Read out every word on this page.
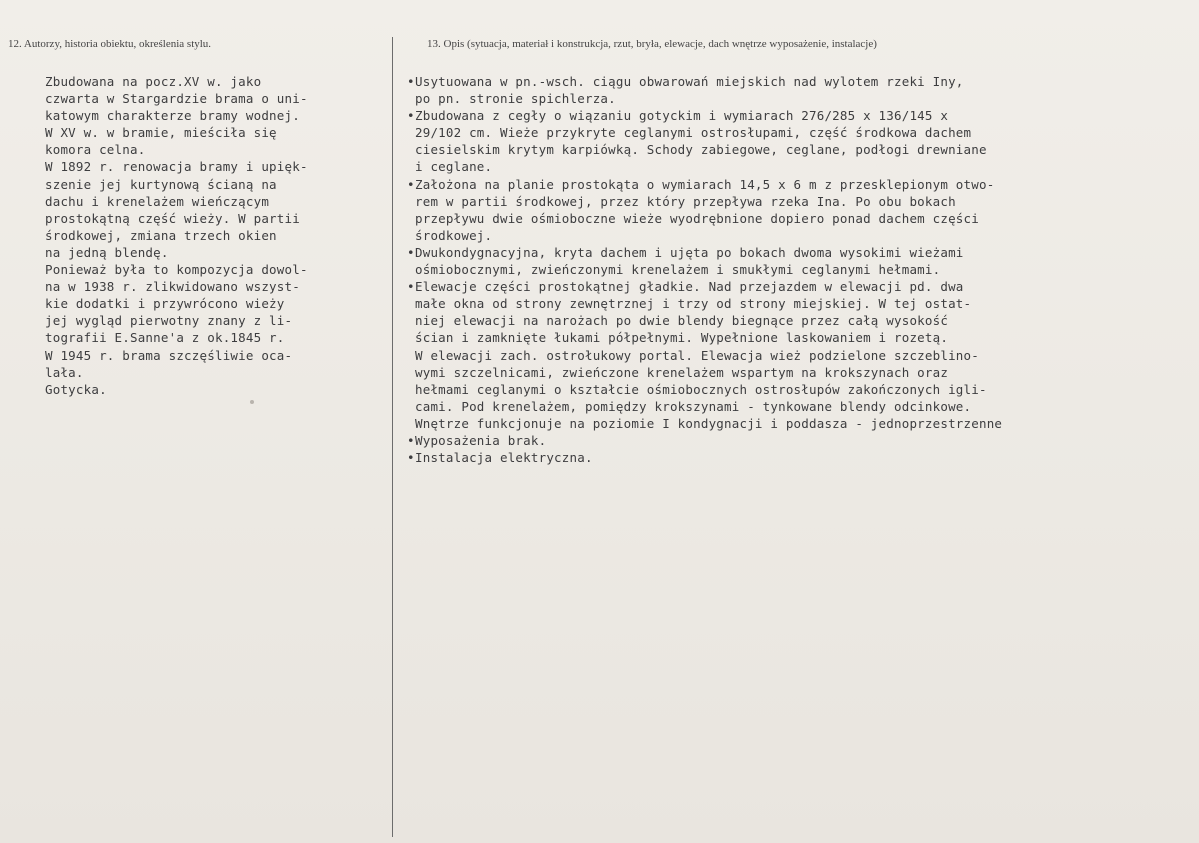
12. Autorzy, historia obiektu, określenia stylu.	13. Opis (sytuacja, materiał i konstrukcja, rzut, bryła, elewacje, dach wnętrze wyposażenie, instalacje)
Zbudowana na pocz.XV w. jako
czwarta w Stargardzie brama o uni-
katowym charakterze bramy wodnej.
W XV w. w bramie, mieściła się
komora celna.
W 1892 r. renowacja bramy i upięk-
szenie jej kurtynową ścianą na
dachu i krenelażem wieńczącym
prostokątną część wieży. W partii
środkowej, zmiana trzech okien
na jedną blendę.
Ponieważ była to kompozycja dowol-
na w 1938 r. zlikwidowano wszyst-
kie dodatki i przywrócono wieży
jej wygląd pierwotny znany z li-
tografii E.Sanne'a z ok.1845 r.
W 1945 r. brama szczęśliwie oca-
lała.
Gotycka.
•Usytuowana w pn.-wsch. ciągu obwarowań miejskich nad wylotem rzeki Iny,
po pn. stronie spichlerza.
•Zbudowana z cegły o wiązaniu gotyckim i wymiarach 276/285 x 136/145 x
29/102 cm. Wieże przykryte ceglanymi ostrosłupami, część środkowa dachem
ciesielskim krytym karpiówką. Schody zabiegowe, ceglane, podłogi drewniane
i ceglane.
•Założona na planie prostokąta o wymiarach 14,5 x 6 m z przesklepionym otwo-
rem w partii środkowej, przez który przepływa rzeka Ina. Po obu bokach
przepływu dwie ośmioboczne wieże wyodrębnione dopiero ponad dachem części
środkowej.
•Dwukondygnacyjna, kryta dachem i ujęta po bokach dwoma wysokimi wieżami
ośmiobocznymi, zwieńczonymi krenelażem i smukłymi ceglanymi hełmami.
•Elewacje części prostokątnej gładkie. Nad przejazdem w elewacji pd. dwa
małe okna od strony zewnętrznej i trzy od strony miejskiej. W tej ostat-
niej elewacji na narożach po dwie blendy biegnące przez całą wysokość
ścian i zamknięte łukami półpełnymi. Wypełnione laskowaniem i rozetą.
W elewacji zach. ostrołukowy portal. Elewacja wież podzielone szczeblino-
wymi szczelnicami, zwieńczone krenelażem wspartym na krokszynach oraz
hełmami ceglanymi o kształcie ośmiobocznych ostrosłupów zakończonych igli-
cami. Pod krenelażem, pomiędzy krokszynami - tynkowane blendy odcinkowe.
Wnętrze funkcjonuje na poziomie I kondygnacji i poddasza - jednoprzestrzenne
•Wyposażenia brak.
•Instalacja elektryczna.
